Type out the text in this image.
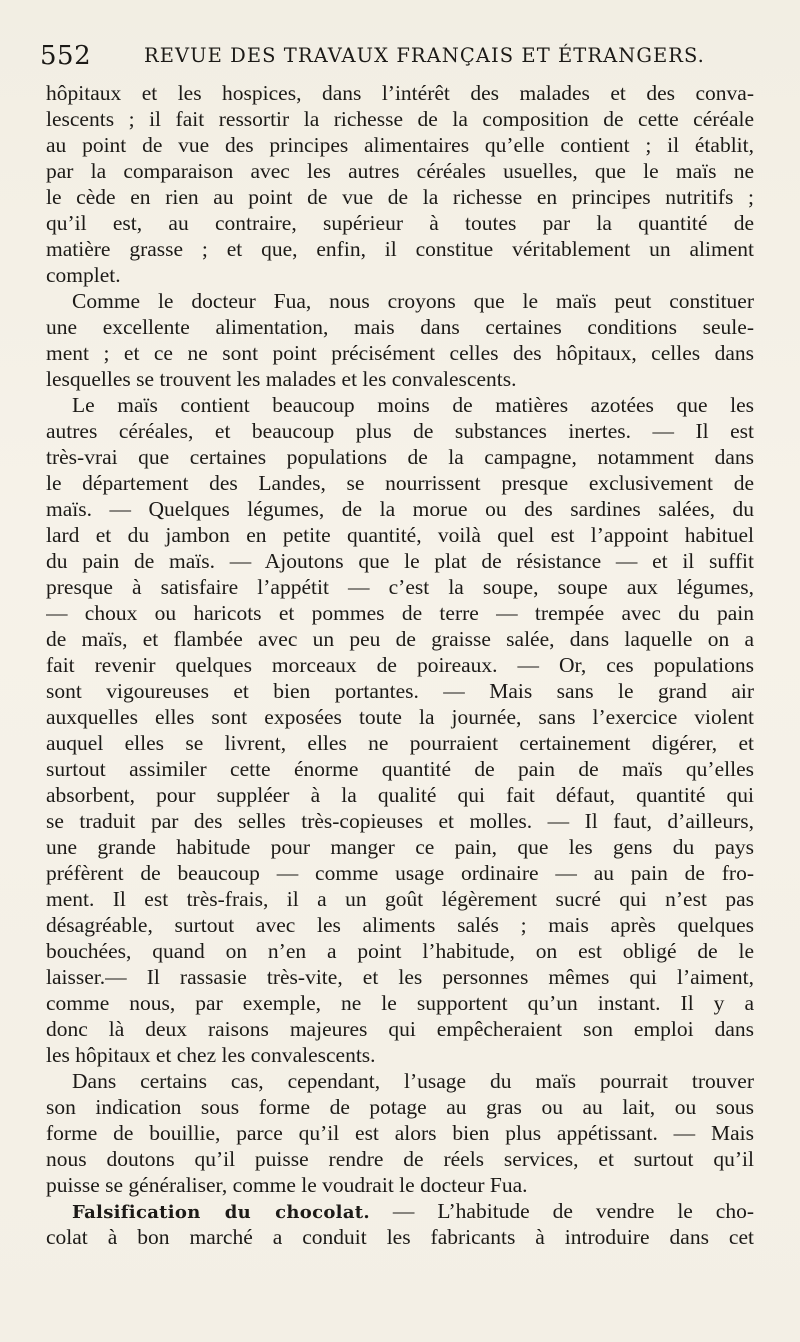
552	REVUE DES TRAVAUX FRANÇAIS ET ÉTRANGERS.
hôpitaux et les hospices, dans l’intérêt des malades et des conva-
lescents ; il fait ressortir la richesse de la composition de cette céréale
au point de vue des principes alimentaires qu’elle contient ; il établit,
par la comparaison avec les autres céréales usuelles, que le maïs ne
le cède en rien au point de vue de la richesse en principes nutritifs ;
qu’il est, au contraire, supérieur à toutes par la quantité de
matière grasse ; et que, enfin, il constitue véritablement un aliment
complet.
Comme le docteur Fua, nous croyons que le maïs peut constituer
une excellente alimentation, mais dans certaines conditions seule-
ment ; et ce ne sont point précisément celles des hôpitaux, celles dans
lesquelles se trouvent les malades et les convalescents.
Le maïs contient beaucoup moins de matières azotées que les
autres céréales, et beaucoup plus de substances inertes. — Il est
très-vrai que certaines populations de la campagne, notamment dans
le département des Landes, se nourrissent presque exclusivement de
maïs. — Quelques légumes, de la morue ou des sardines salées, du
lard et du jambon en petite quantité, voilà quel est l’appoint habituel
du pain de maïs. — Ajoutons que le plat de résistance — et il suffit
presque à satisfaire l’appétit — c’est la soupe, soupe aux légumes,
— choux ou haricots et pommes de terre — trempée avec du pain
de maïs, et flambée avec un peu de graisse salée, dans laquelle on a
fait revenir quelques morceaux de poireaux. — Or, ces populations
sont vigoureuses et bien portantes. — Mais sans le grand air
auxquelles elles sont exposées toute la journée, sans l’exercice violent
auquel elles se livrent, elles ne pourraient certainement digérer, et
surtout assimiler cette énorme quantité de pain de maïs qu’elles
absorbent, pour suppléer à la qualité qui fait défaut, quantité qui
se traduit par des selles très-copieuses et molles. — Il faut, d’ailleurs,
une grande habitude pour manger ce pain, que les gens du pays
préfèrent de beaucoup — comme usage ordinaire — au pain de fro-
ment. Il est très-frais, il a un goût légèrement sucré qui n’est pas
désagréable, surtout avec les aliments salés ; mais après quelques
bouchées, quand on n’en a point l’habitude, on est obligé de le
laisser.— Il rassasie très-vite, et les personnes mêmes qui l’aiment,
comme nous, par exemple, ne le supportent qu’un instant. Il y a
donc là deux raisons majeures qui empêcheraient son emploi dans
les hôpitaux et chez les convalescents.
Dans certains cas, cependant, l’usage du maïs pourrait trouver
son indication sous forme de potage au gras ou au lait, ou sous
forme de bouillie, parce qu’il est alors bien plus appétissant. — Mais
nous doutons qu’il puisse rendre de réels services, et surtout qu’il
puisse se généraliser, comme le voudrait le docteur Fua.
Falsification du chocolat. — L’habitude de vendre le cho-
colat à bon marché a conduit les fabricants à introduire dans cet
